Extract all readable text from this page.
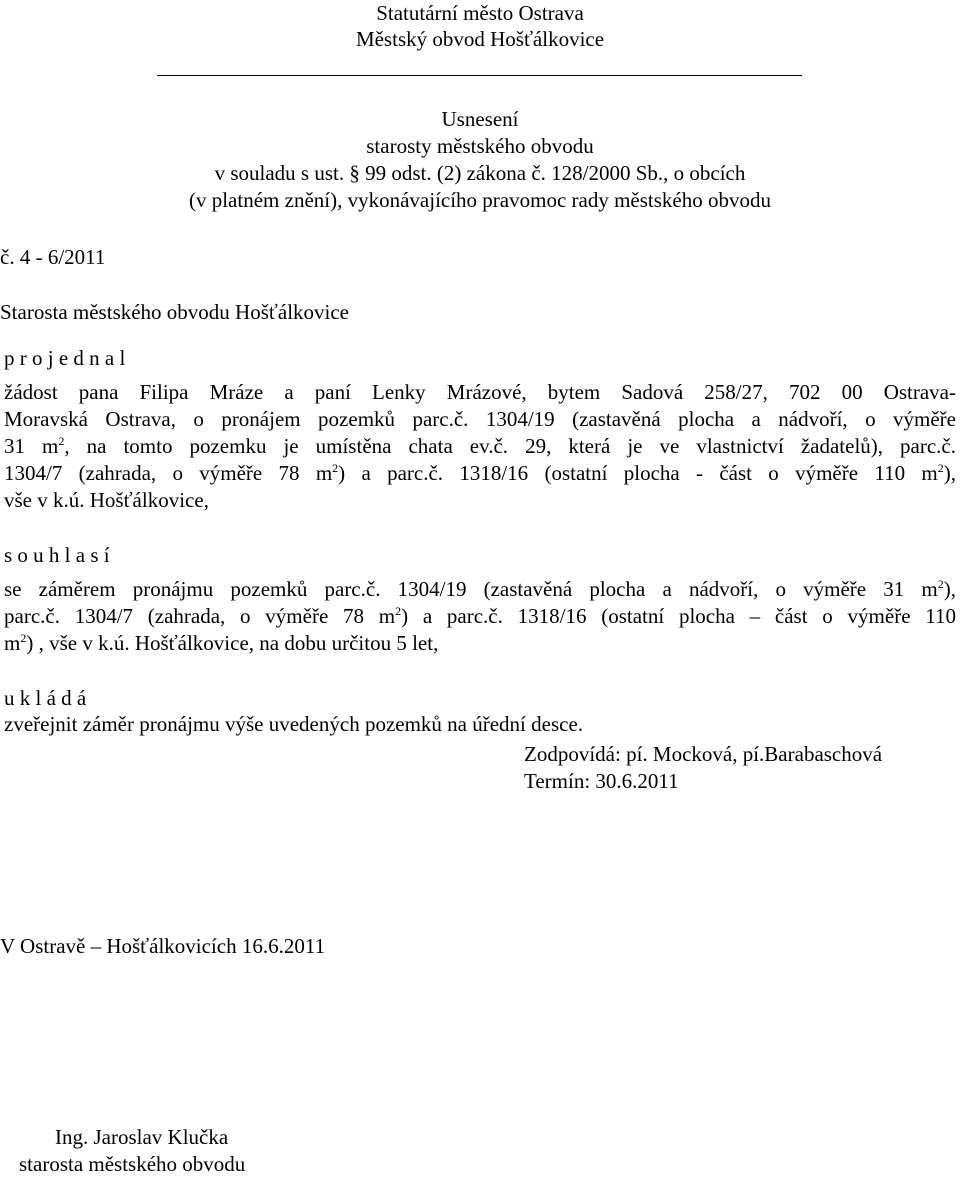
Statutární město Ostrava
Městský obvod Hošťálkovice
Usnesení
starosty městského obvodu
v souladu s ust. § 99 odst. (2) zákona č. 128/2000 Sb., o obcích
(v platném znění), vykonávajícího pravomoc rady městského obvodu
č. 4 - 6/2011
Starosta městského obvodu Hošťálkovice
p r o j e d n a l
žádost pana Filipa Mráze a paní Lenky Mrázové, bytem Sadová 258/27, 702 00 Ostrava-
Moravská Ostrava, o pronájem pozemků parc.č. 1304/19 (zastavěná plocha a nádvoří, o výměře
31 $m^2$, na tomto pozemku je umístěna chata ev.č. 29, která je ve vlastnictví žadatelů), parc.č.
1304/7 (zahrada, o výměře 78 $m^2$) a parc.č. 1318/16 (ostatní plocha - část o výměře 110 $m^2$),
vše v k.ú. Hošťálkovice,
s o u h l a s í
se záměrem pronájmu pozemků parc.č. 1304/19 (zastavěná plocha a nádvoří, o výměře 31 $m^2$),
parc.č. 1304/7 (zahrada, o výměře 78 $m^2$) a parc.č. 1318/16 (ostatní plocha – část o výměře 110
$m^2$) , vše v k.ú. Hošťálkovice, na dobu určitou 5 let,
u k l á d á
zveřejnit záměr pronájmu výše uvedených pozemků na úřední desce.
Zodpovídá: pí. Mocková, pí.Barabaschová
Termín: 30.6.2011
V Ostravě – Hošťálkovicích 16.6.2011
Ing. Jaroslav Klučka
starosta městského obvodu
